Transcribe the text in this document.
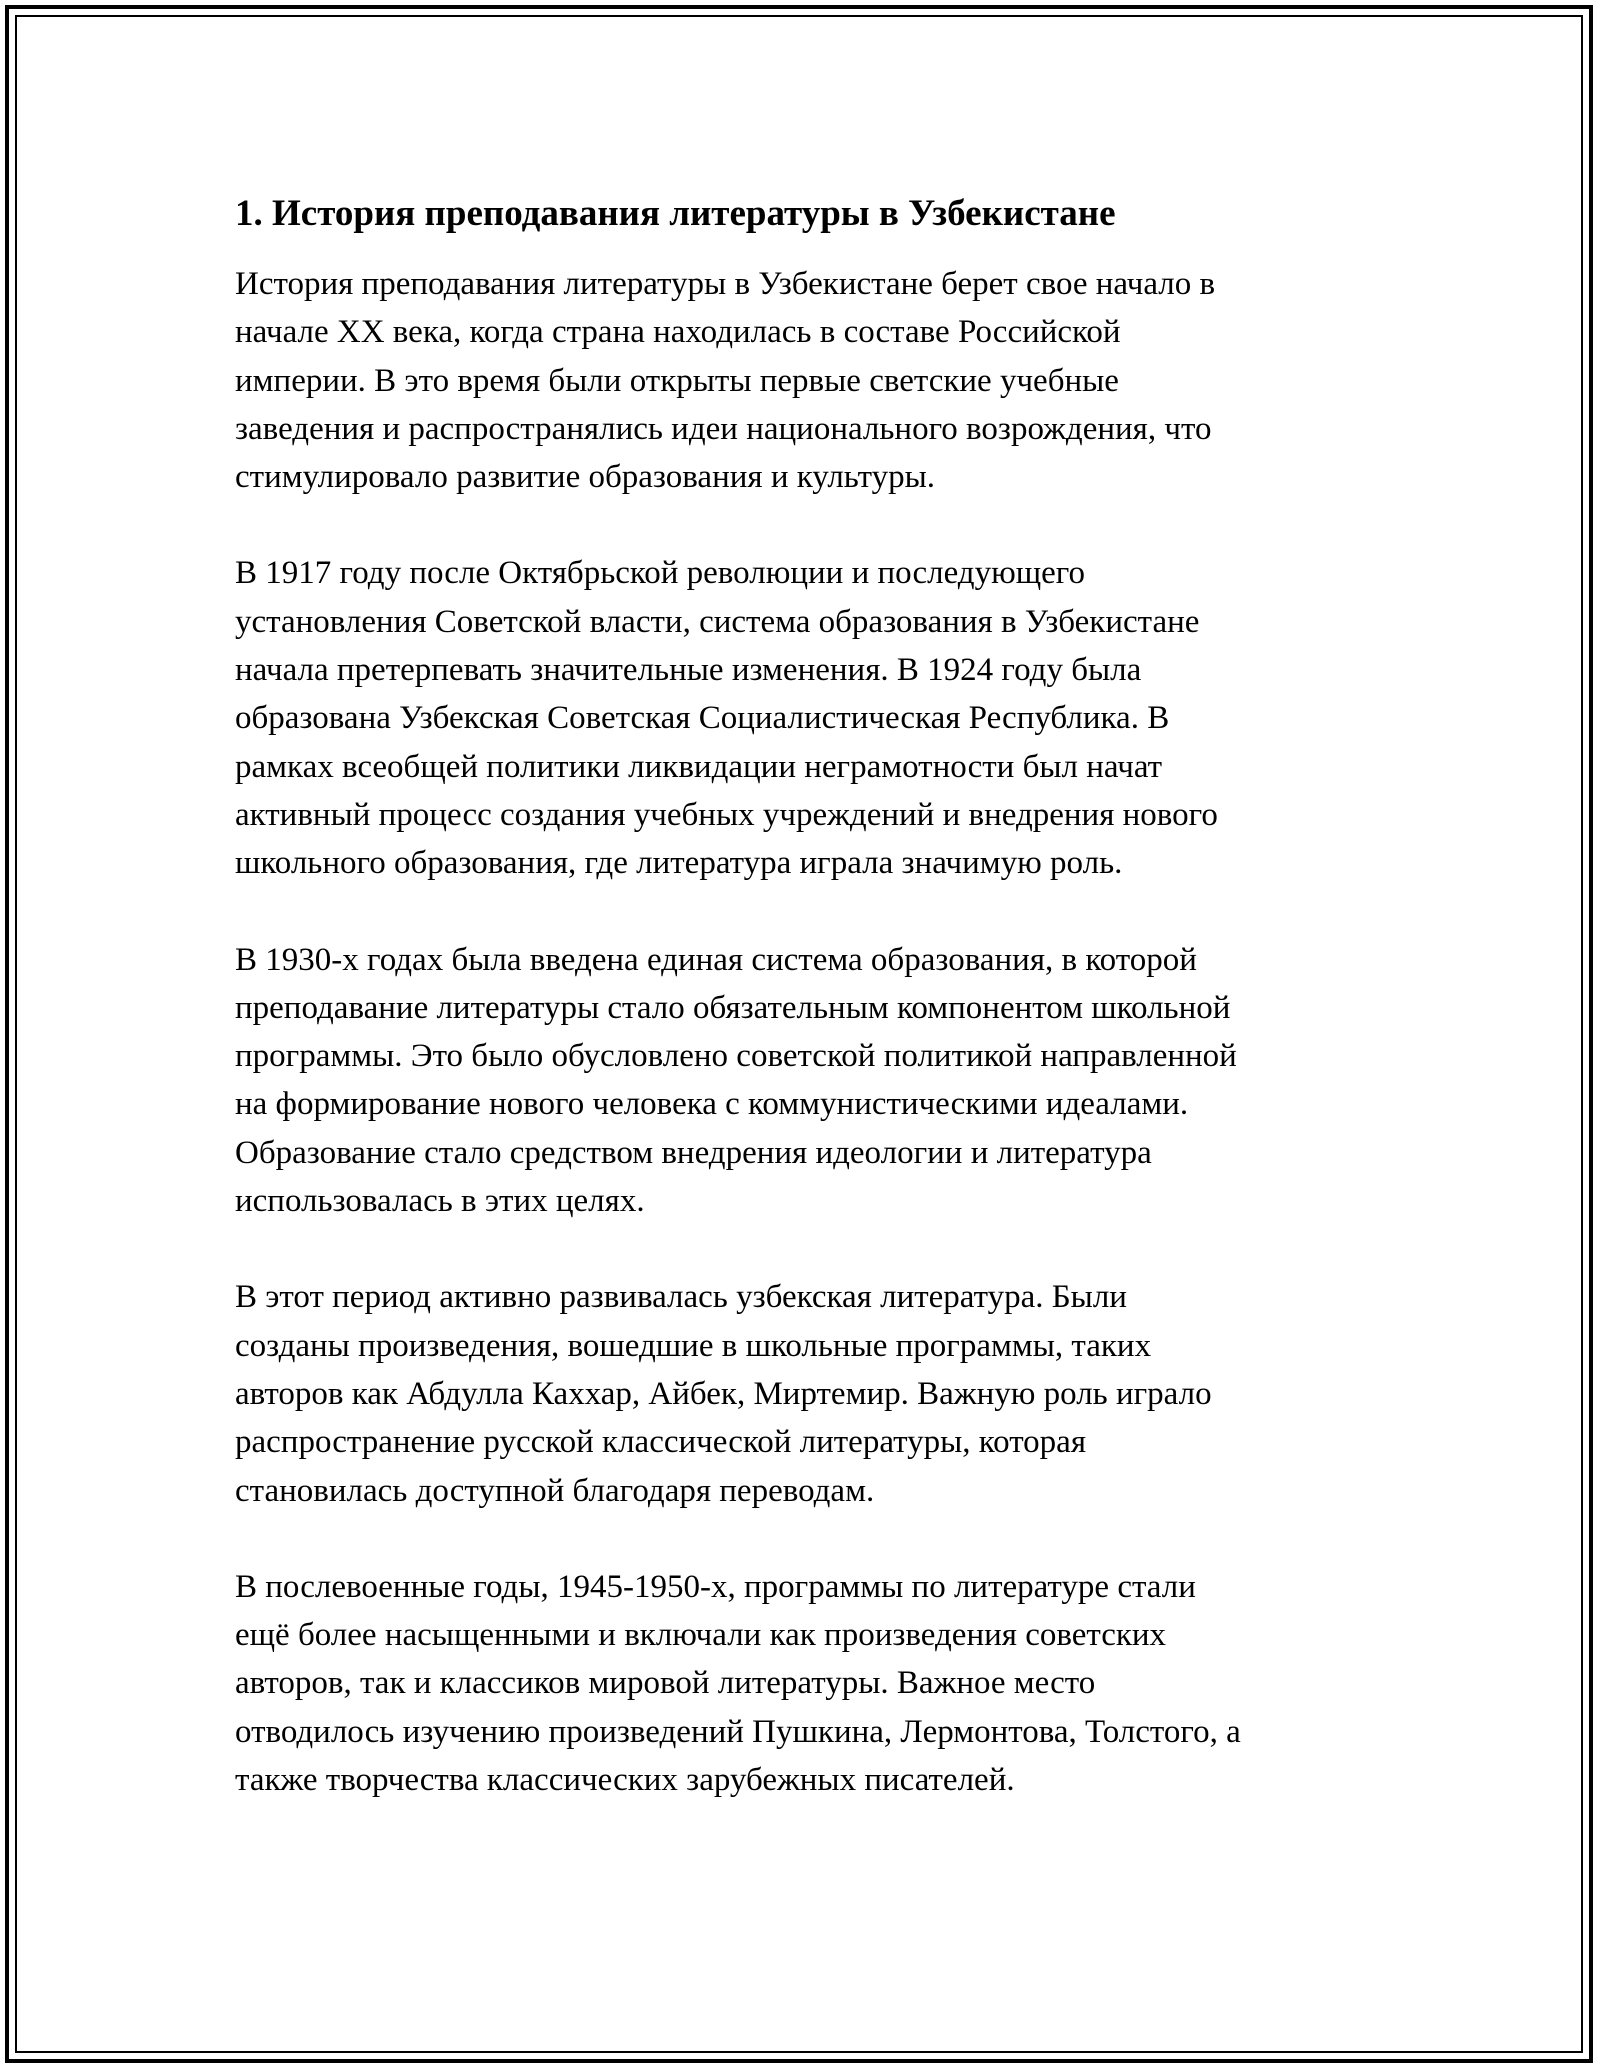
1. История преподавания литературы в Узбекистане

История преподавания литературы в Узбекистане берет свое начало в
начале XX века, когда страна находилась в составе Российской
империи. В это время были открыты первые светские учебные
заведения и распространялись идеи национального возрождения, что
стимулировало развитие образования и культуры.

В 1917 году после Октябрьской революции и последующего
установления Советской власти, система образования в Узбекистане
начала претерпевать значительные изменения. В 1924 году была
образована Узбекская Советская Социалистическая Республика. В
рамках всеобщей политики ликвидации неграмотности был начат
активный процесс создания учебных учреждений и внедрения нового
школьного образования, где литература играла значимую роль.

В 1930-х годах была введена единая система образования, в которой
преподавание литературы стало обязательным компонентом школьной
программы. Это было обусловлено советской политикой направленной
на формирование нового человека с коммунистическими идеалами.
Образование стало средством внедрения идеологии и литература
использовалась в этих целях.

В этот период активно развивалась узбекская литература. Были
созданы произведения, вошедшие в школьные программы, таких
авторов как Абдулла Каххар, Айбек, Миртемир. Важную роль играло
распространение русской классической литературы, которая
становилась доступной благодаря переводам.

В послевоенные годы, 1945-1950-х, программы по литературе стали
ещё более насыщенными и включали как произведения советских
авторов, так и классиков мировой литературы. Важное место
отводилось изучению произведений Пушкина, Лермонтова, Толстого, а
также творчества классических зарубежных писателей.
